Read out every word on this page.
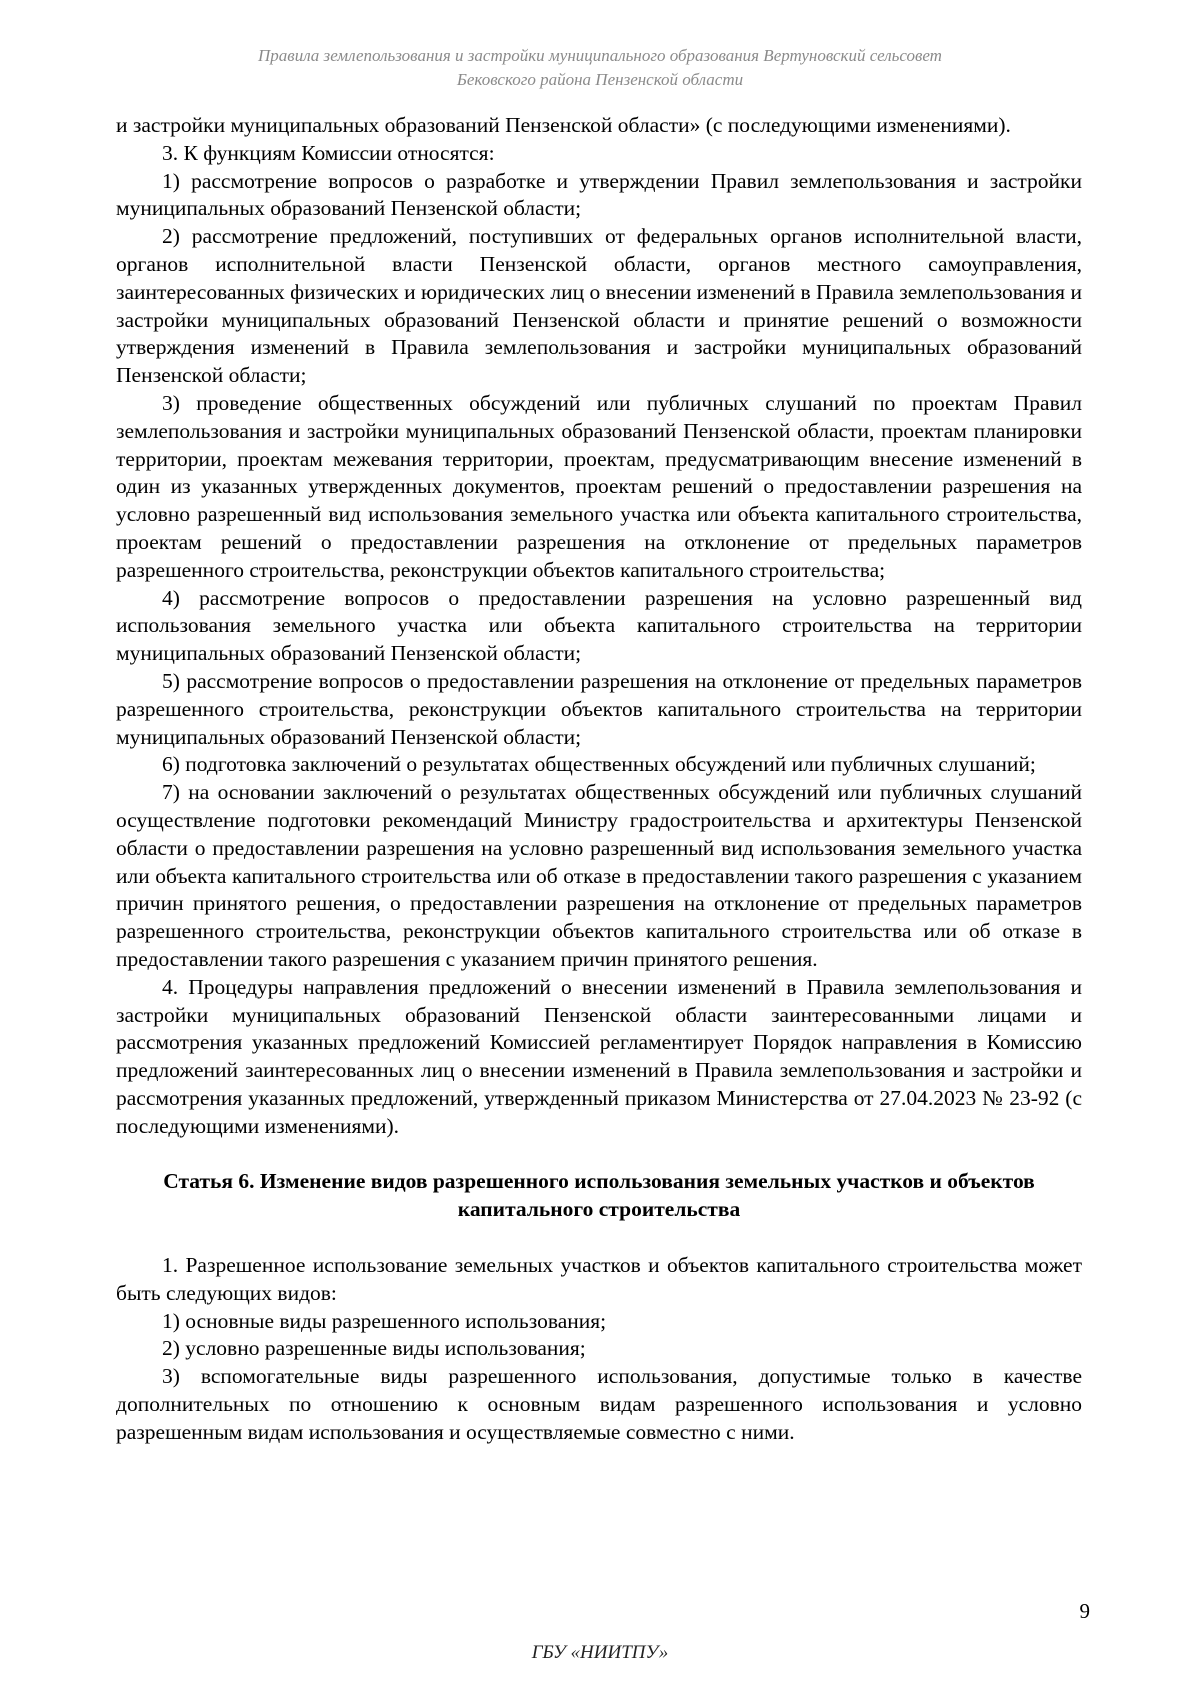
Правила землепользования и застройки муниципального образования Вертуновский сельсовет
Бековского района Пензенской области

и застройки муниципальных образований Пензенской области» (с последующими изменениями).

3. К функциям Комиссии относятся:

1) рассмотрение вопросов о разработке и утверждении Правил землепользования и застройки муниципальных образований Пензенской области;

2) рассмотрение предложений, поступивших от федеральных органов исполнительной власти, органов исполнительной власти Пензенской области, органов местного самоуправления, заинтересованных физических и юридических лиц о внесении изменений в Правила землепользования и застройки муниципальных образований Пензенской области и принятие решений о возможности утверждения изменений в Правила землепользования и застройки муниципальных образований Пензенской области;

3) проведение общественных обсуждений или публичных слушаний по проектам Правил землепользования и застройки муниципальных образований Пензенской области, проектам планировки территории, проектам межевания территории, проектам, предусматривающим внесение изменений в один из указанных утвержденных документов, проектам решений о предоставлении разрешения на условно разрешенный вид использования земельного участка или объекта капитального строительства, проектам решений о предоставлении разрешения на отклонение от предельных параметров разрешенного строительства, реконструкции объектов капитального строительства;

4) рассмотрение вопросов о предоставлении разрешения на условно разрешенный вид использования земельного участка или объекта капитального строительства на территории муниципальных образований Пензенской области;

5) рассмотрение вопросов о предоставлении разрешения на отклонение от предельных параметров разрешенного строительства, реконструкции объектов капитального строительства на территории муниципальных образований Пензенской области;

6) подготовка заключений о результатах общественных обсуждений или публичных слушаний;

7) на основании заключений о результатах общественных обсуждений или публичных слушаний осуществление подготовки рекомендаций Министру градостроительства и архитектуры Пензенской области о предоставлении разрешения на условно разрешенный вид использования земельного участка или объекта капитального строительства или об отказе в предоставлении такого разрешения с указанием причин принятого решения, о предоставлении разрешения на отклонение от предельных параметров разрешенного строительства, реконструкции объектов капитального строительства или об отказе в предоставлении такого разрешения с указанием причин принятого решения.

4. Процедуры направления предложений о внесении изменений в Правила землепользования и застройки муниципальных образований Пензенской области заинтересованными лицами и рассмотрения указанных предложений Комиссией регламентирует Порядок направления в Комиссию предложений заинтересованных лиц о внесении изменений в Правила землепользования и застройки и рассмотрения указанных предложений, утвержденный приказом Министерства от 27.04.2023 № 23-92 (с последующими изменениями).

Статья 6. Изменение видов разрешенного использования земельных участков и объектов

капитального строительства

1. Разрешенное использование земельных участков и объектов капитального строительства может быть следующих видов:

1) основные виды разрешенного использования;

2) условно разрешенные виды использования;

3) вспомогательные виды разрешенного использования, допустимые только в качестве дополнительных по отношению к основным видам разрешенного использования и условно разрешенным видам использования и осуществляемые совместно с ними.

9
ГБУ «НИИТПУ»
